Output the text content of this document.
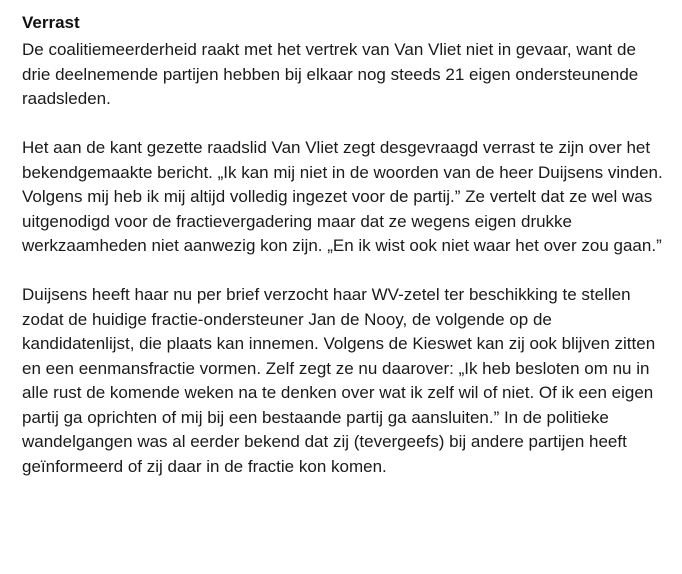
Verrast

De coalitiemeerderheid raakt met het vertrek van Van Vliet niet in gevaar, want de drie deelnemende partijen hebben bij elkaar nog steeds 21 eigen ondersteunende raadsleden.

Het aan de kant gezette raadslid Van Vliet zegt desgevraagd verrast te zijn over het bekendgemaakte bericht. „Ik kan mij niet in de woorden van de heer Duijsens vinden. Volgens mij heb ik mij altijd volledig ingezet voor de partij.” Ze vertelt dat ze wel was uitgenodigd voor de fractievergadering maar dat ze wegens eigen drukke werkzaamheden niet aanwezig kon zijn. „En ik wist ook niet waar het over zou gaan.”

Duijsens heeft haar nu per brief verzocht haar WV-zetel ter beschikking te stellen zodat de huidige fractie-ondersteuner Jan de Nooy, de volgende op de kandidatenlijst, die plaats kan innemen. Volgens de Kieswet kan zij ook blijven zitten en een eenmansfractie vormen. Zelf zegt ze nu daarover: „Ik heb besloten om nu in alle rust de komende weken na te denken over wat ik zelf wil of niet. Of ik een eigen partij ga oprichten of mij bij een bestaande partij ga aansluiten.” In de politieke wandelgangen was al eerder bekend dat zij (tevergeefs) bij andere partijen heeft geïnformeerd of zij daar in de fractie kon komen.
